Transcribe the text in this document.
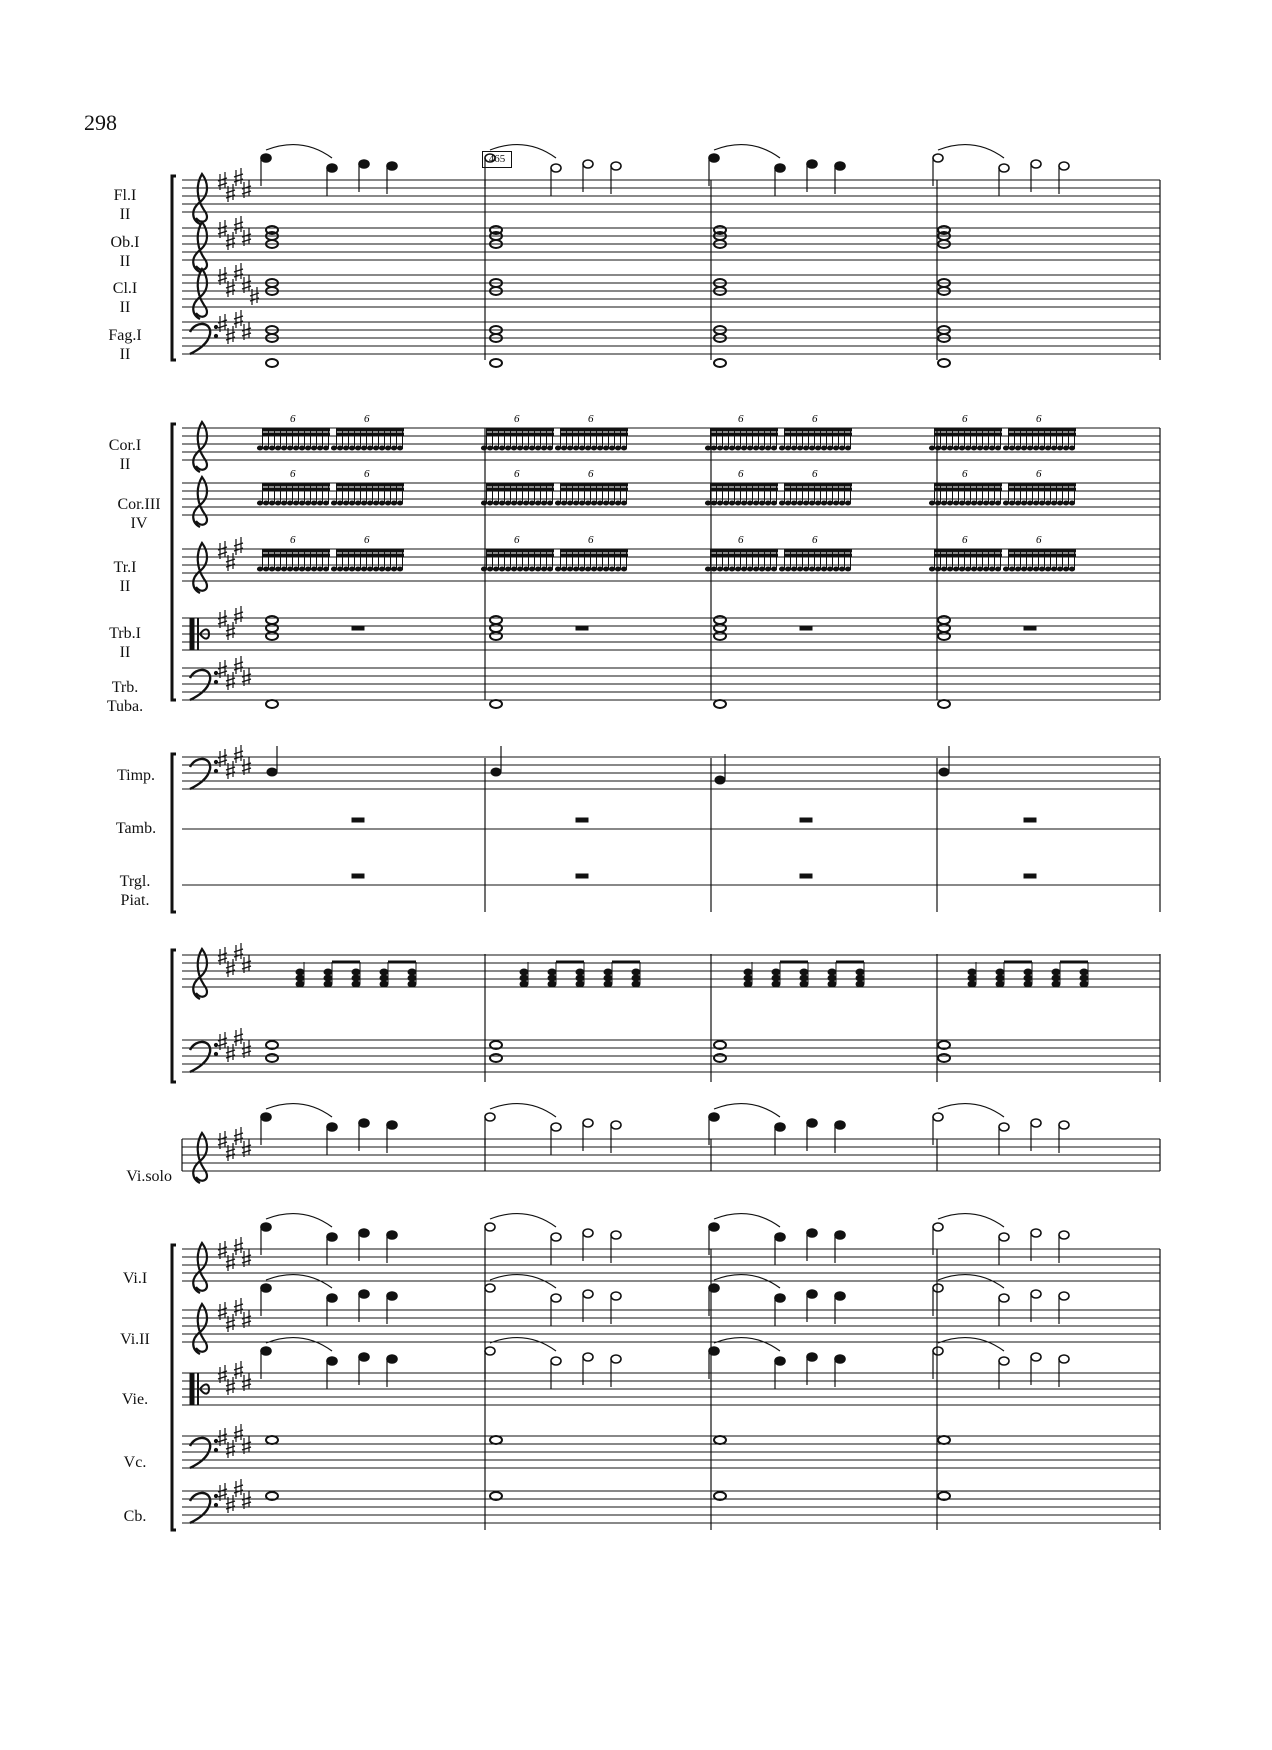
298
465
Fl.I
II
Ob.I
II
Cl.I
II
Fag.I
II
Cor.I
II
Cor.III
IV
Tr.I
II
Trb.I
II
Trb.
Tuba.
Timp.
Tamb.
Trgl.
Piat.
Vi.solo
Vi.I
Vi.II
Vie.
Vc.
Cb.
6	6	6	6	6	6	6	6
6	6	6	6	6	6	6	6
6	6	6	6	6	6	6	6
